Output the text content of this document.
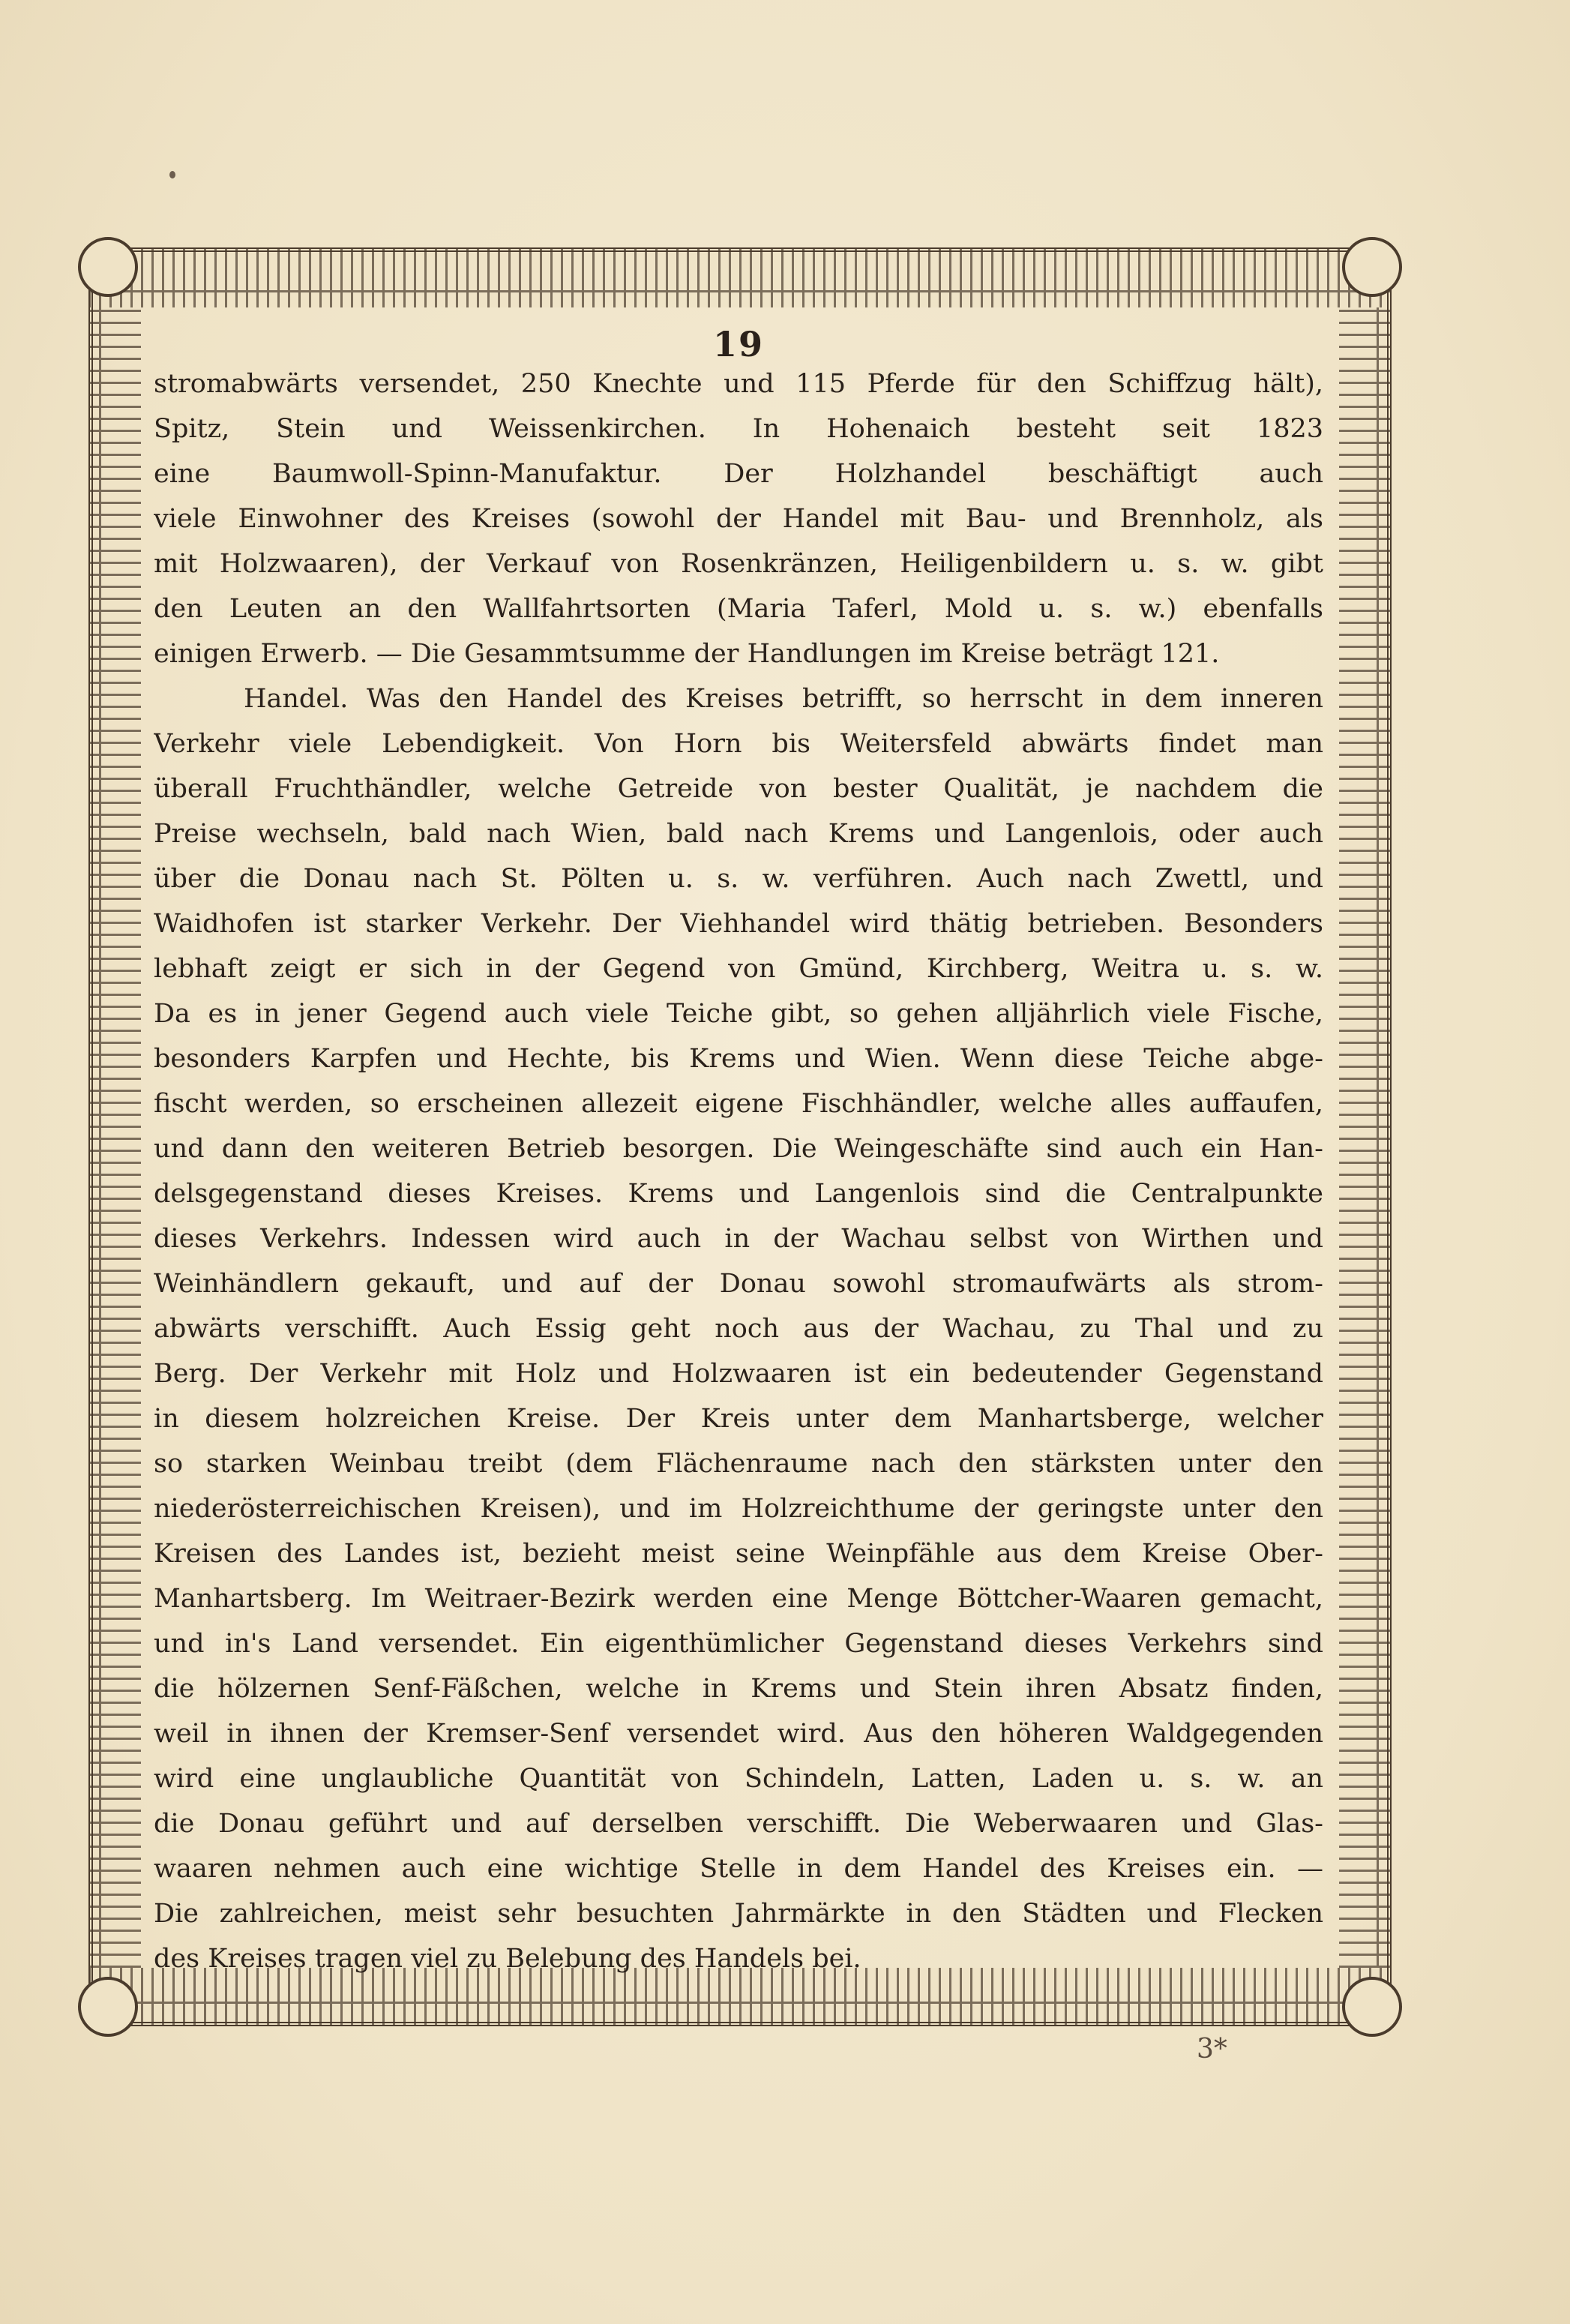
19
stromabwärts versendet, 250 Knechte und 115 Pferde für den Schiffzug hält),
Spitz, Stein und Weissenkirchen. In Hohenaich besteht seit 1823
eine Baumwoll-Spinn-Manufaktur. Der Holzhandel beschäftigt auch
viele Einwohner des Kreises (sowohl der Handel mit Bau- und Brennholz, als
mit Holzwaaren), der Verkauf von Rosenkränzen, Heiligenbildern u. s. w. gibt
den Leuten an den Wallfahrtsorten (Maria Taferl, Mold u. s. w.) ebenfalls
einigen Erwerb. — Die Gesammtsumme der Handlungen im Kreise beträgt 121.
Handel. Was den Handel des Kreises betrifft, so herrscht in dem inneren
Verkehr viele Lebendigkeit. Von Horn bis Weitersfeld abwärts findet man
überall Fruchthändler, welche Getreide von bester Qualität, je nachdem die
Preise wechseln, bald nach Wien, bald nach Krems und Langenlois, oder auch
über die Donau nach St. Pölten u. s. w. verführen. Auch nach Zwettl, und
Waidhofen ist starker Verkehr. Der Viehhandel wird thätig betrieben. Besonders
lebhaft zeigt er sich in der Gegend von Gmünd, Kirchberg, Weitra u. s. w.
Da es in jener Gegend auch viele Teiche gibt, so gehen alljährlich viele Fische,
besonders Karpfen und Hechte, bis Krems und Wien. Wenn diese Teiche abge-
fischt werden, so erscheinen allezeit eigene Fischhändler, welche alles auffaufen,
und dann den weiteren Betrieb besorgen. Die Weingeschäfte sind auch ein Han-
delsgegenstand dieses Kreises. Krems und Langenlois sind die Centralpunkte
dieses Verkehrs. Indessen wird auch in der Wachau selbst von Wirthen und
Weinhändlern gekauft, und auf der Donau sowohl stromaufwärts als strom-
abwärts verschifft. Auch Essig geht noch aus der Wachau, zu Thal und zu
Berg. Der Verkehr mit Holz und Holzwaaren ist ein bedeutender Gegenstand
in diesem holzreichen Kreise. Der Kreis unter dem Manhartsberge, welcher
so starken Weinbau treibt (dem Flächenraume nach den stärksten unter den
niederösterreichischen Kreisen), und im Holzreichthume der geringste unter den
Kreisen des Landes ist, bezieht meist seine Weinpfähle aus dem Kreise Ober-
Manhartsberg. Im Weitraer-Bezirk werden eine Menge Böttcher-Waaren gemacht,
und in's Land versendet. Ein eigenthümlicher Gegenstand dieses Verkehrs sind
die hölzernen Senf-Fäßchen, welche in Krems und Stein ihren Absatz finden,
weil in ihnen der Kremser-Senf versendet wird. Aus den höheren Waldgegenden
wird eine unglaubliche Quantität von Schindeln, Latten, Laden u. s. w. an
die Donau geführt und auf derselben verschifft. Die Weberwaaren und Glas-
waaren nehmen auch eine wichtige Stelle in dem Handel des Kreises ein. —
Die zahlreichen, meist sehr besuchten Jahrmärkte in den Städten und Flecken
des Kreises tragen viel zu Belebung des Handels bei.
3*
